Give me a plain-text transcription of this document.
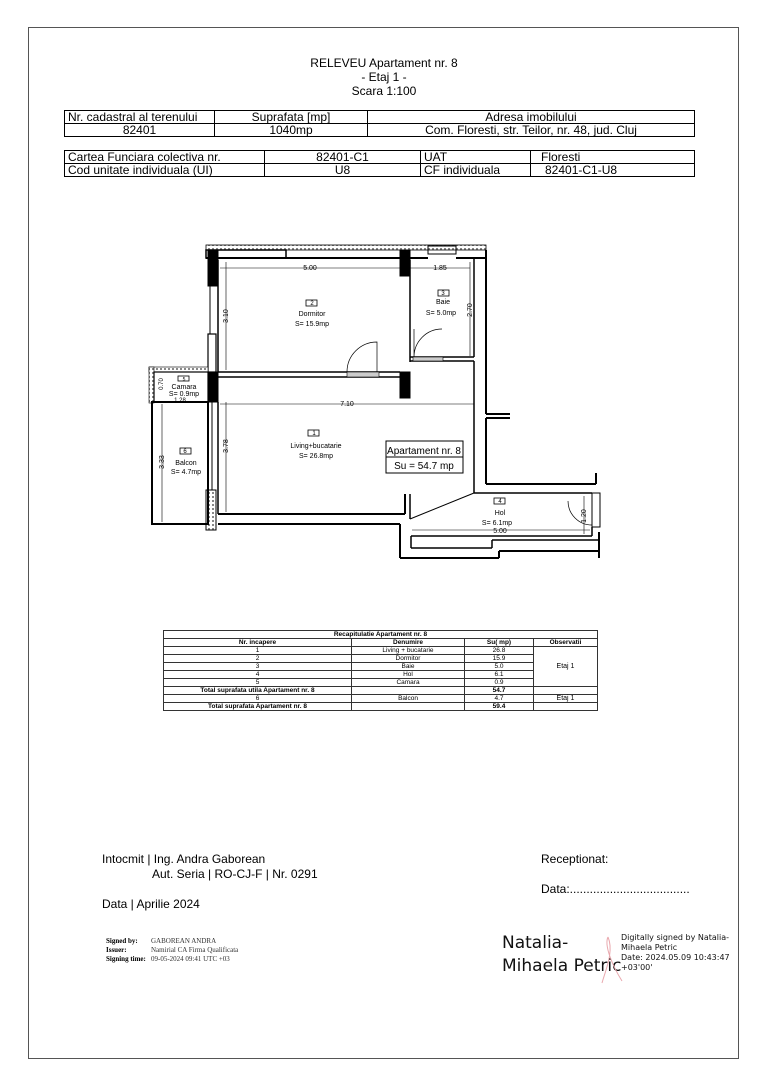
RELEVEU Apartament nr. 8
- Etaj 1 -
Scara 1:100
Nr. cadastral al terenului	Suprafata [mp]	Adresa imobilului
82401	1040mp	Com. Floresti, str. Teilor, nr. 48, jud. Cluj
Cartea Funciara colectiva nr.	82401-C1	UAT	Floresti
Cod unitate individuala (UI)	U8	CF individuala	82401-C1-U8
2
Dormitor
S= 15.9mp
3
Baie
S= 5.0mp
1
Living+bucatarie
S= 26.8mp
4
Hol
S= 6.1mp
5
Camara
S= 0.9mp
6
Balcon
S= 4.7mp
5.00	1.85
7.10
1.28
5.00
3.10	2.70
3.78
3.33
0.70
1.20
Apartament nr. 8
Su = 54.7 mp
Recapitulatie Apartament nr. 8			
Nr. incapere	Denumire	Su( mp)	Observatii
1	Living + bucatarie	26.8	Etaj 1
2	Dormitor	15.9	
3	Baie	5.0	
4	Hol	6.1	
5	Camara	0.9	
Total suprafata utila Apartament nr. 8		54.7	
6	Balcon	4.7	Etaj 1
Total suprafata Apartament nr. 8		59.4	
Intocmit | Ing. Andra Gaborean
Aut. Seria | RO-CJ-F | Nr. 0291
Data | Aprilie 2024
Signed by: GABOREAN ANDRA
Issuer:	Namirial CA Firma Qualificata
Signing time: 09-05-2024 09:41 UTC +03
Receptionat:
Data:....................................
Natalia-
Mihaela Petric
Digitally signed by Natalia-
Mihaela Petric
Date: 2024.05.09 10:43:47
+03'00'
